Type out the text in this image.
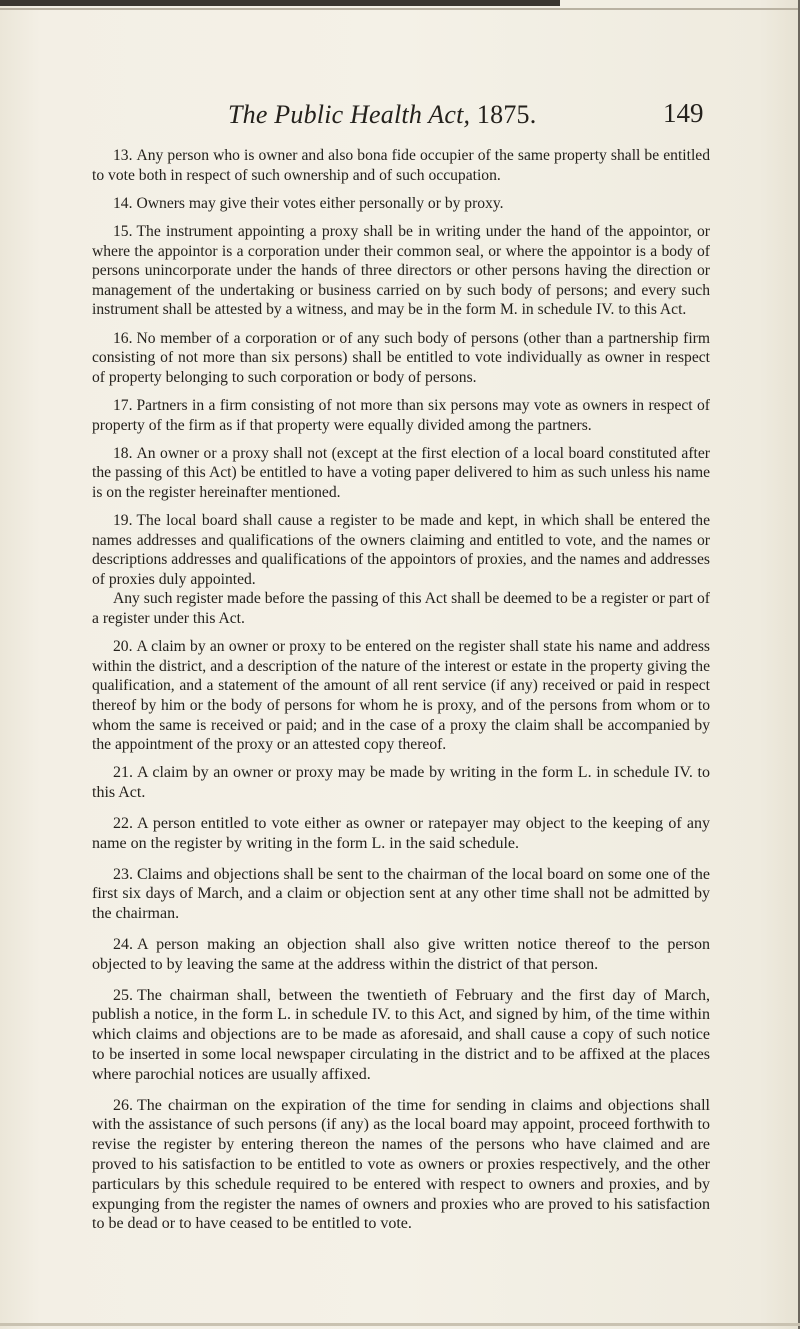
The Public Health Act, 1875.	149

13. Any person who is owner and also bona fide occupier of the same property shall be entitled to vote both in respect of such ownership and of such occupation.

14. Owners may give their votes either personally or by proxy.

15. The instrument appointing a proxy shall be in writing under the hand of the appointor, or where the appointor is a corporation under their common seal, or where the appointor is a body of persons unincorporate under the hands of three directors or other persons having the direction or management of the undertaking or business carried on by such body of persons; and every such instrument shall be attested by a witness, and may be in the form M. in schedule IV. to this Act.

16. No member of a corporation or of any such body of persons (other than a partnership firm consisting of not more than six persons) shall be entitled to vote individually as owner in respect of property belonging to such corporation or body of persons.

17. Partners in a firm consisting of not more than six persons may vote as owners in respect of property of the firm as if that property were equally divided among the partners.

18. An owner or a proxy shall not (except at the first election of a local board constituted after the passing of this Act) be entitled to have a voting paper delivered to him as such unless his name is on the register hereinafter mentioned.

19. The local board shall cause a register to be made and kept, in which shall be entered the names addresses and qualifications of the owners claiming and entitled to vote, and the names or descriptions addresses and qualifications of the appointors of proxies, and the names and addresses of proxies duly appointed.

Any such register made before the passing of this Act shall be deemed to be a register or part of a register under this Act.

20. A claim by an owner or proxy to be entered on the register shall state his name and address within the district, and a description of the nature of the interest or estate in the property giving the qualification, and a statement of the amount of all rent service (if any) received or paid in respect thereof by him or the body of persons for whom he is proxy, and of the persons from whom or to whom the same is received or paid; and in the case of a proxy the claim shall be accompanied by the appointment of the proxy or an attested copy thereof.

21. A claim by an owner or proxy may be made by writing in the form L. in schedule IV. to this Act.

22. A person entitled to vote either as owner or ratepayer may object to the keeping of any name on the register by writing in the form L. in the said schedule.

23. Claims and objections shall be sent to the chairman of the local board on some one of the first six days of March, and a claim or objection sent at any other time shall not be admitted by the chairman.

24. A person making an objection shall also give written notice thereof to the person objected to by leaving the same at the address within the district of that person.

25. The chairman shall, between the twentieth of February and the first day of March, publish a notice, in the form L. in schedule IV. to this Act, and signed by him, of the time within which claims and objections are to be made as aforesaid, and shall cause a copy of such notice to be inserted in some local newspaper circulating in the district and to be affixed at the places where parochial notices are usually affixed.

26. The chairman on the expiration of the time for sending in claims and objections shall with the assistance of such persons (if any) as the local board may appoint, proceed forthwith to revise the register by entering thereon the names of the persons who have claimed and are proved to his satisfaction to be entitled to vote as owners or proxies respectively, and the other particulars by this schedule required to be entered with respect to owners and proxies, and by expunging from the register the names of owners and proxies who are proved to his satisfaction to be dead or to have ceased to be entitled to vote.
